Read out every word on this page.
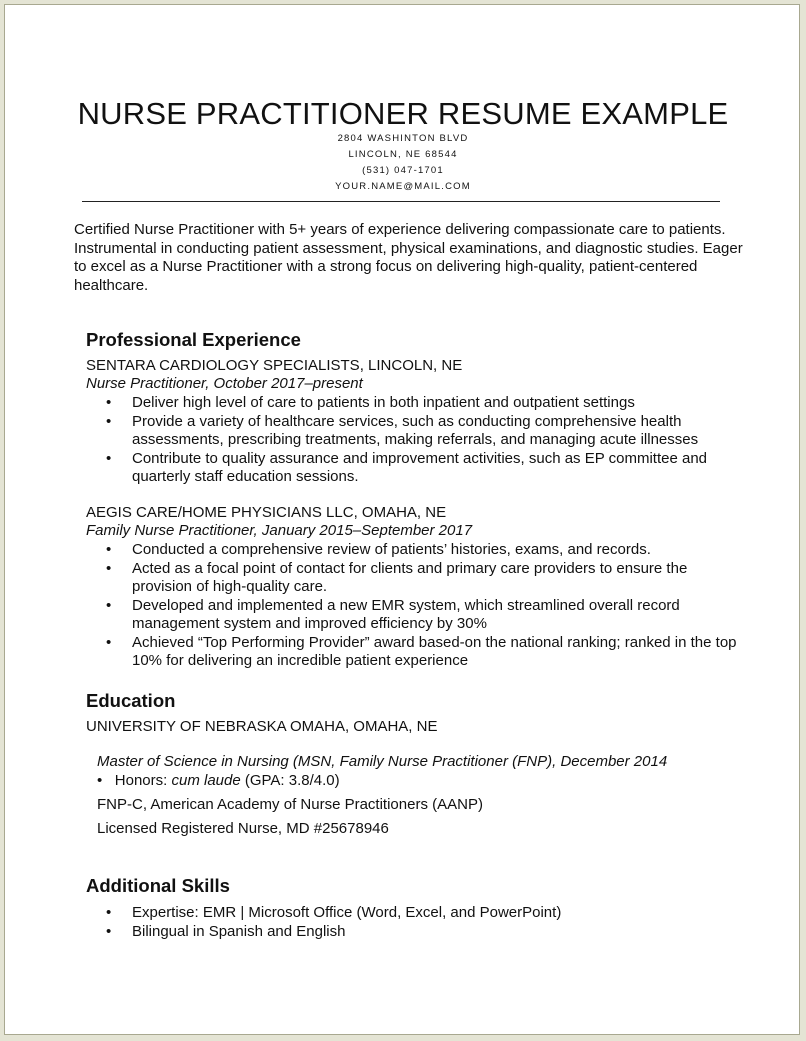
NURSE PRACTITIONER RESUME EXAMPLE
2804 WASHINTON BLVD
LINCOLN, NE 68544
(531) 047-1701
YOUR.NAME@MAIL.COM

Certified Nurse Practitioner with 5+ years of experience delivering compassionate care to patients. Instrumental in conducting patient assessment, physical examinations, and diagnostic studies. Eager to excel as a Nurse Practitioner with a strong focus on delivering high-quality, patient-centered healthcare.

Professional Experience
SENTARA CARDIOLOGY SPECIALISTS, LINCOLN, NE
Nurse Practitioner, October 2017–present
• Deliver high level of care to patients in both inpatient and outpatient settings
• Provide a variety of healthcare services, such as conducting comprehensive health assessments, prescribing treatments, making referrals, and managing acute illnesses
• Contribute to quality assurance and improvement activities, such as EP committee and quarterly staff education sessions.
AEGIS CARE/HOME PHYSICIANS LLC, OMAHA, NE
Family Nurse Practitioner, January 2015–September 2017
• Conducted a comprehensive review of patients’ histories, exams, and records.
• Acted as a focal point of contact for clients and primary care providers to ensure the provision of high-quality care.
• Developed and implemented a new EMR system, which streamlined overall record management system and improved efficiency by 30%
• Achieved “Top Performing Provider” award based-on the national ranking; ranked in the top 10% for delivering an incredible patient experience
Education
UNIVERSITY OF NEBRASKA OMAHA, OMAHA, NE
Master of Science in Nursing (MSN, Family Nurse Practitioner (FNP), December 2014
• Honors: cum laude (GPA: 3.8/4.0)
FNP-C, American Academy of Nurse Practitioners (AANP)
Licensed Registered Nurse, MD #25678946
Additional Skills
• Expertise: EMR | Microsoft Office (Word, Excel, and PowerPoint)
• Bilingual in Spanish and English
